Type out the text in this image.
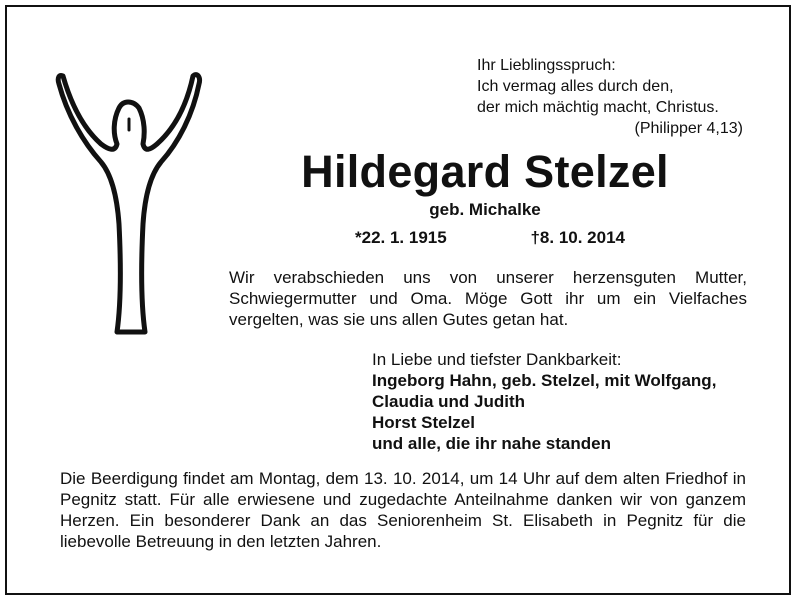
Ihr Lieblingsspruch:
Ich vermag alles durch den,
der mich mächtig macht, Christus.
(Philipper 4,13)
Hildegard Stelzel
geb. Michalke
*22. 1. 1915	†8. 10. 2014
Wir verabschieden uns von unserer herzensguten Mutter, Schwiegermutter und Oma. Möge Gott ihr um ein Vielfaches vergelten, was sie uns allen Gutes getan hat.
In Liebe und tiefster Dankbarkeit:
Ingeborg Hahn, geb. Stelzel, mit Wolfgang,
Claudia und Judith
Horst Stelzel
und alle, die ihr nahe standen
Die Beerdigung findet am Montag, dem 13. 10. 2014, um 14 Uhr auf dem alten Friedhof in Pegnitz statt. Für alle erwiesene und zugedachte Anteilnahme danken wir von ganzem Herzen. Ein besonderer Dank an das Seniorenheim St. Elisabeth in Pegnitz für die liebevolle Betreuung in den letzten Jahren.
